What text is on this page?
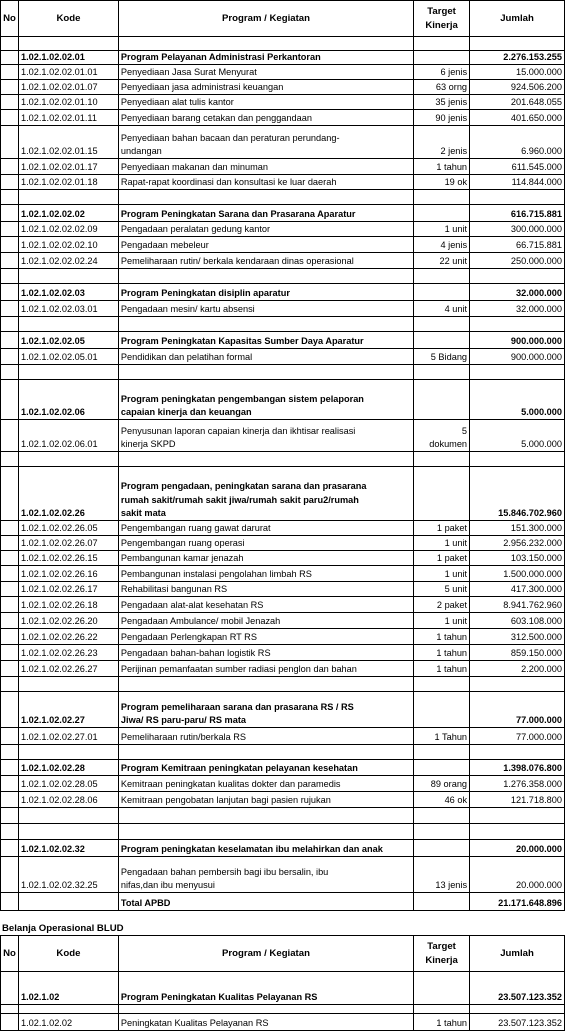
No	Kode	Program / Kegiatan	Target
Kinerja	Jumlah

	1.02.1.02.02.01	Program Pelayanan Administrasi Perkantoran		2.276.153.255
	1.02.1.02.02.01.01	Penyediaan Jasa Surat Menyurat	6 jenis	15.000.000
	1.02.1.02.02.01.07	Penyediaan jasa administrasi keuangan	63 orng	924.506.200
	1.02.1.02.02.01.10	Penyediaan alat tulis kantor	35 jenis	201.648.055
	1.02.1.02.02.01.11	Penyediaan barang cetakan dan penggandaan	90 jenis	401.650.000
	1.02.1.02.02.01.15	Penyediaan bahan bacaan dan peraturan perundang-
undangan	2 jenis	6.960.000
	1.02.1.02.02.01.17	Penyediaan makanan dan minuman	1 tahun	611.545.000
	1.02.1.02.02.01.18	Rapat-rapat koordinasi dan konsultasi ke luar daerah	19 ok	114.844.000

	1.02.1.02.02.02	Program Peningkatan Sarana dan Prasarana Aparatur		616.715.881
	1.02.1.02.02.02.09	Pengadaan peralatan gedung kantor	1 unit	300.000.000
	1.02.1.02.02.02.10	Pengadaan mebeleur	4 jenis	66.715.881
	1.02.1.02.02.02.24	Pemeliharaan rutin/ berkala kendaraan dinas operasional	22 unit	250.000.000

	1.02.1.02.02.03	Program Peningkatan disiplin aparatur		32.000.000
	1.02.1.02.02.03.01	Pengadaan mesin/ kartu absensi	4 unit	32.000.000

	1.02.1.02.02.05	Program Peningkatan Kapasitas Sumber Daya Aparatur		900.000.000
	1.02.1.02.02.05.01	Pendidikan dan pelatihan formal	5 Bidang	900.000.000

	1.02.1.02.02.06	Program peningkatan pengembangan sistem pelaporan
capaian kinerja dan keuangan		5.000.000
	1.02.1.02.02.06.01	Penyusunan laporan capaian kinerja dan ikhtisar realisasi
kinerja SKPD	5
dokumen	5.000.000

	1.02.1.02.02.26	Program pengadaan, peningkatan sarana dan prasarana
rumah sakit/rumah sakit jiwa/rumah sakit paru2/rumah
sakit mata		15.846.702.960
	1.02.1.02.02.26.05	Pengembangan ruang gawat darurat	1 paket	151.300.000
	1.02.1.02.02.26.07	Pengembangan ruang operasi	1 unit	2.956.232.000
	1.02.1.02.02.26.15	Pembangunan kamar jenazah	1 paket	103.150.000
	1.02.1.02.02.26.16	Pembangunan instalasi pengolahan limbah RS	1 unit	1.500.000.000
	1.02.1.02.02.26.17	Rehabilitasi bangunan RS	5 unit	417.300.000
	1.02.1.02.02.26.18	Pengadaan alat-alat kesehatan RS	2 paket	8.941.762.960
	1.02.1.02.02.26.20	Pengadaan Ambulance/ mobil Jenazah	1 unit	603.108.000
	1.02.1.02.02.26.22	Pengadaan Perlengkapan RT RS	1 tahun	312.500.000
	1.02.1.02.02.26.23	Pengadaan bahan-bahan logistik RS	1 tahun	859.150.000
	1.02.1.02.02.26.27	Perijinan pemanfaatan sumber radiasi penglon dan bahan	1 tahun	2.200.000

	1.02.1.02.02.27	Program pemeliharaan sarana dan prasarana RS / RS
Jiwa/ RS paru-paru/ RS mata		77.000.000
	1.02.1.02.02.27.01	Pemeliharaan rutin/berkala RS	1 Tahun	77.000.000

	1.02.1.02.02.28	Program Kemitraan peningkatan pelayanan kesehatan		1.398.076.800
	1.02.1.02.02.28.05	Kemitraan peningkatan kualitas dokter dan paramedis	89 orang	1.276.358.000
	1.02.1.02.02.28.06	Kemitraan pengobatan lanjutan bagi pasien rujukan	46 ok	121.718.800

	1.02.1.02.02.32	Program peningkatan keselamatan ibu melahirkan dan anak		20.000.000
	1.02.1.02.02.32.25	Pengadaan bahan pembersih bagi ibu bersalin, ibu
nifas,dan ibu menyusui	13 jenis	20.000.000
		Total APBD		21.171.648.896
Belanja Operasional BLUD
No	Kode	Program / Kegiatan	Target
Kinerja	Jumlah
	1.02.1.02	Program Peningkatan Kualitas Pelayanan RS		23.507.123.352

	1.02.1.02.02	Peningkatan Kualitas Pelayanan RS	1 tahun	23.507.123.352
